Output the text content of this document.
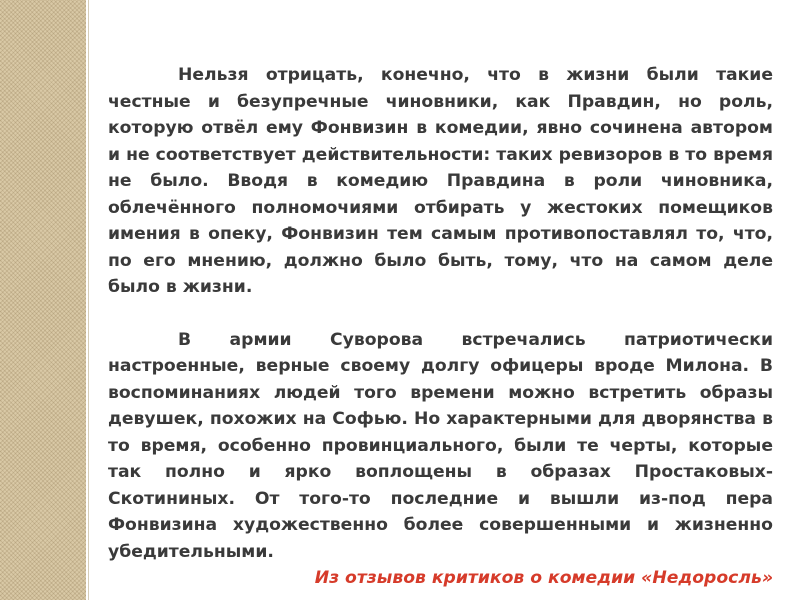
Нельзя отрицать, конечно, что в жизни были такие честные и безупречные чиновники, как Правдин, но роль, которую отвёл ему Фонвизин в комедии, явно сочинена автором и не соответствует действительности: таких ревизоров в то время не было. Вводя в комедию Правдина в роли чиновника, облечённого полномочиями отбирать у жестоких помещиков имения в опеку, Фонвизин тем самым противопоставлял то, что, по его мнению, должно было быть, тому, что на самом деле было в жизни.

В армии Суворова встречались патриотически настроенные, верные своему долгу офицеры вроде Милона. В воспоминаниях людей того времени можно встретить образы девушек, похожих на Софью. Но характерными для дворянства в то время, особенно провинциального, были те черты, которые так полно и ярко воплощены в образах Простаковых-Скотининых. От того-то последние и вышли из-под пера Фонвизина художественно более совершенными и жизненно убедительными.

Из отзывов критиков о комедии «Недоросль»
